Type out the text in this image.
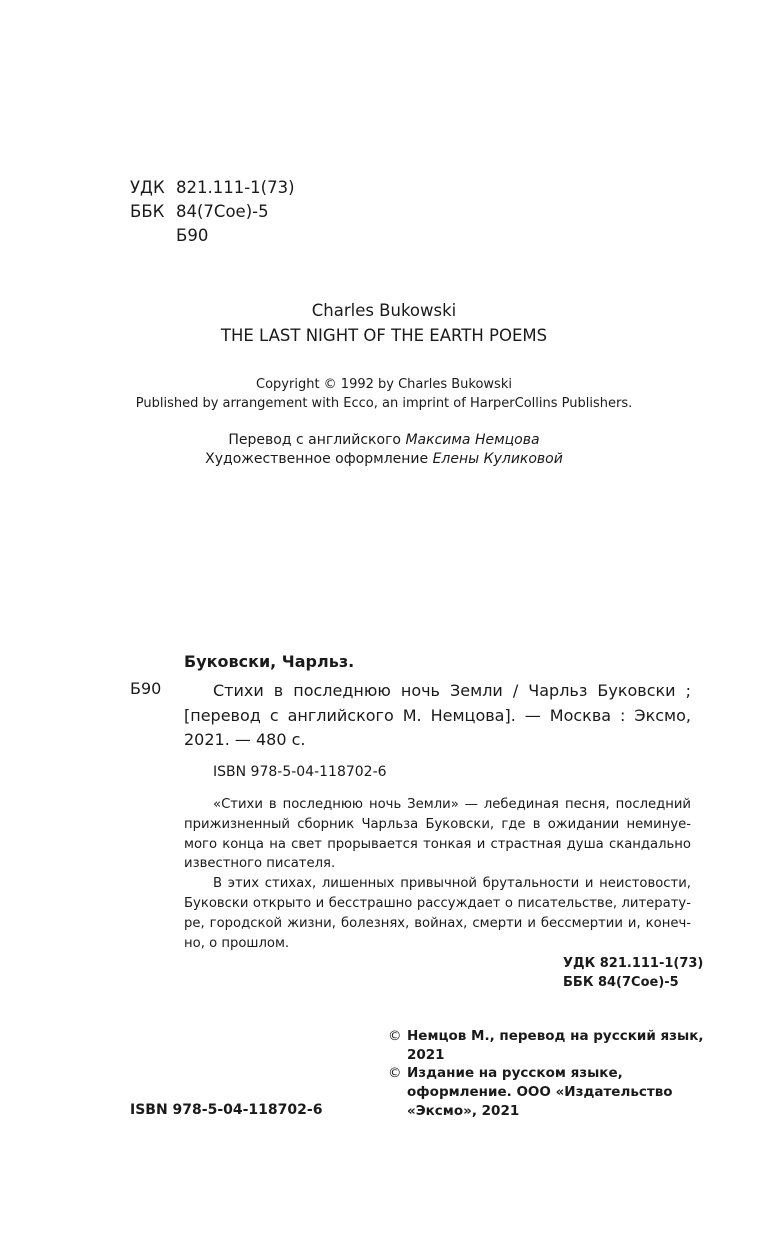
УДК 821.111-1(73)
ББК 84(7Сое)-5
Б90
Charles Bukowski
THE LAST NIGHT OF THE EARTH POEMS
Copyright © 1992 by Charles Bukowski
Published by arrangement with Ecco, an imprint of HarperCollins Publishers.
Перевод с английского Максима Немцова
Художественное оформление Елены Куликовой
Буковски, Чарльз.
Б90	Стихи в последнюю ночь Земли / Чарльз Буковски ;
[перевод с английского М. Немцова]. — Москва : Эксмо,
2021. — 480 с.
ISBN 978-5-04-118702-6
«Стихи в последнюю ночь Земли» — лебединая песня, последний
прижизненный сборник Чарльза Буковски, где в ожидании неминуе-
мого конца на свет прорывается тонкая и страстная душа скандально
известного писателя.
В этих стихах, лишенных привычной брутальности и неистовости,
Буковски открыто и бесстрашно рассуждает о писательстве, литерату-
ре, городской жизни, болезнях, войнах, смерти и бессмертии и, конеч-
но, о прошлом.
УДК 821.111-1(73)
ББК 84(7Сое)-5
© Немцов М., перевод на русский язык,
2021
© Издание на русском языке,
оформление. ООО «Издательство
«Эксмо», 2021
ISBN 978-5-04-118702-6
